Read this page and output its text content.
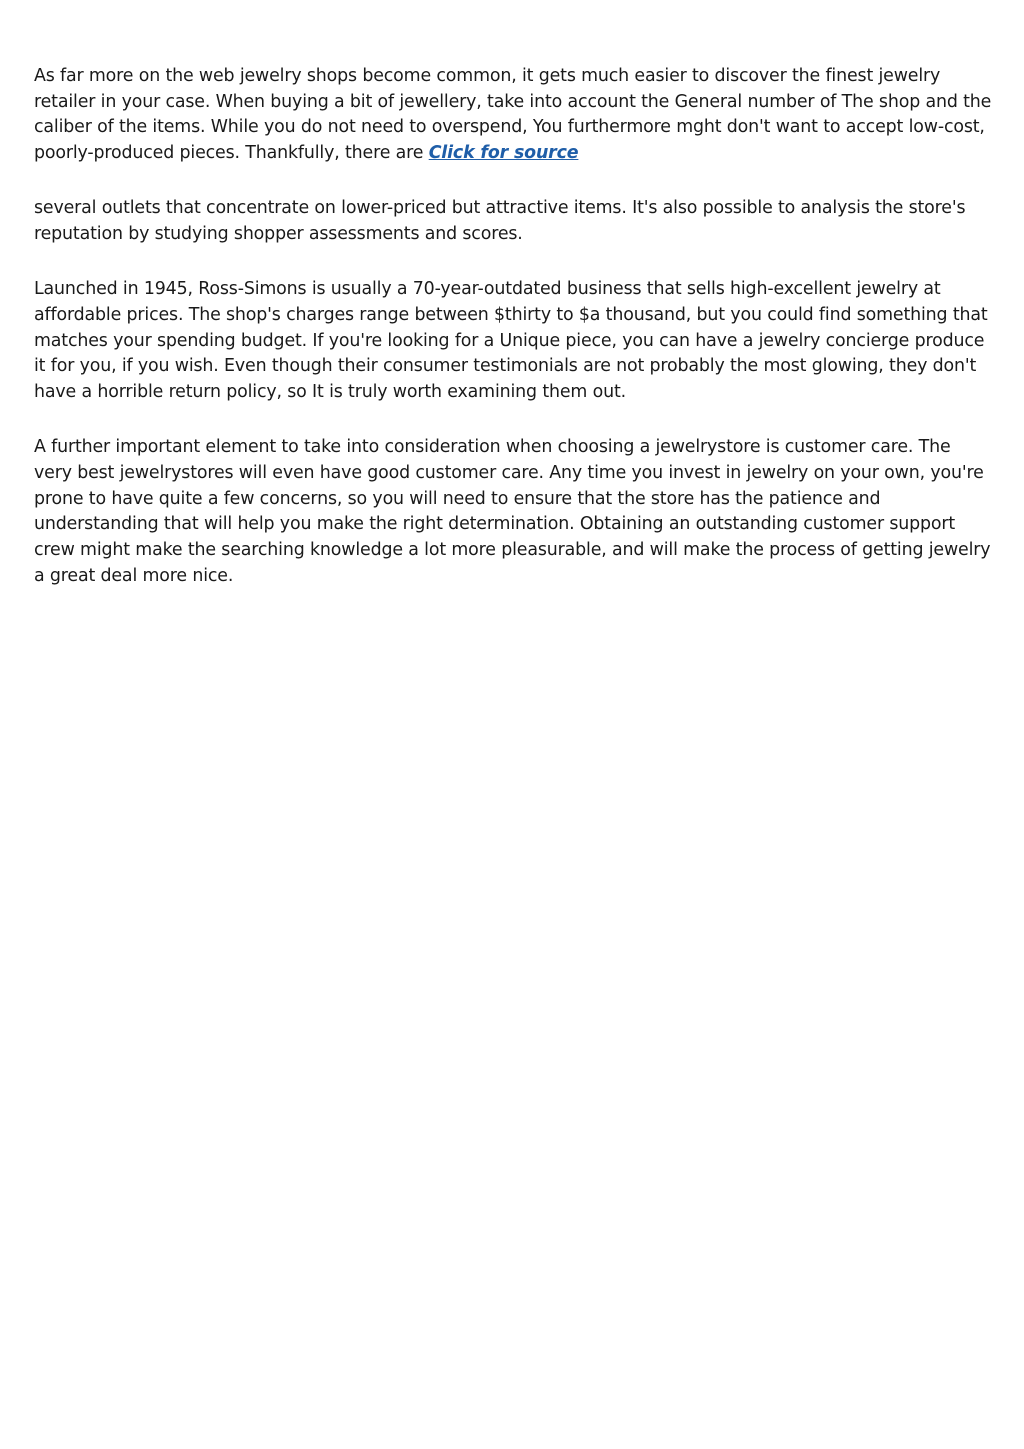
As far more on the web jewelry shops become common, it gets much easier to discover the finest jewelry retailer in your case. When buying a bit of jewellery, take into account the General number of The shop and the caliber of the items. While you do not need to overspend, You furthermore mght don't want to accept low-cost, poorly-produced pieces. Thankfully, there are Click for source

several outlets that concentrate on lower-priced but attractive items. It's also possible to analysis the store's reputation by studying shopper assessments and scores.

Launched in 1945, Ross-Simons is usually a 70-year-outdated business that sells high-excellent jewelry at affordable prices. The shop's charges range between $thirty to $a thousand, but you could find something that matches your spending budget. If you're looking for a Unique piece, you can have a jewelry concierge produce it for you, if you wish. Even though their consumer testimonials are not probably the most glowing, they don't have a horrible return policy, so It is truly worth examining them out.

A further important element to take into consideration when choosing a jewelrystore is customer care. The very best jewelrystores will even have good customer care. Any time you invest in jewelry on your own, you're prone to have quite a few concerns, so you will need to ensure that the store has the patience and understanding that will help you make the right determination. Obtaining an outstanding customer support crew might make the searching knowledge a lot more pleasurable, and will make the process of getting jewelry a great deal more nice.
